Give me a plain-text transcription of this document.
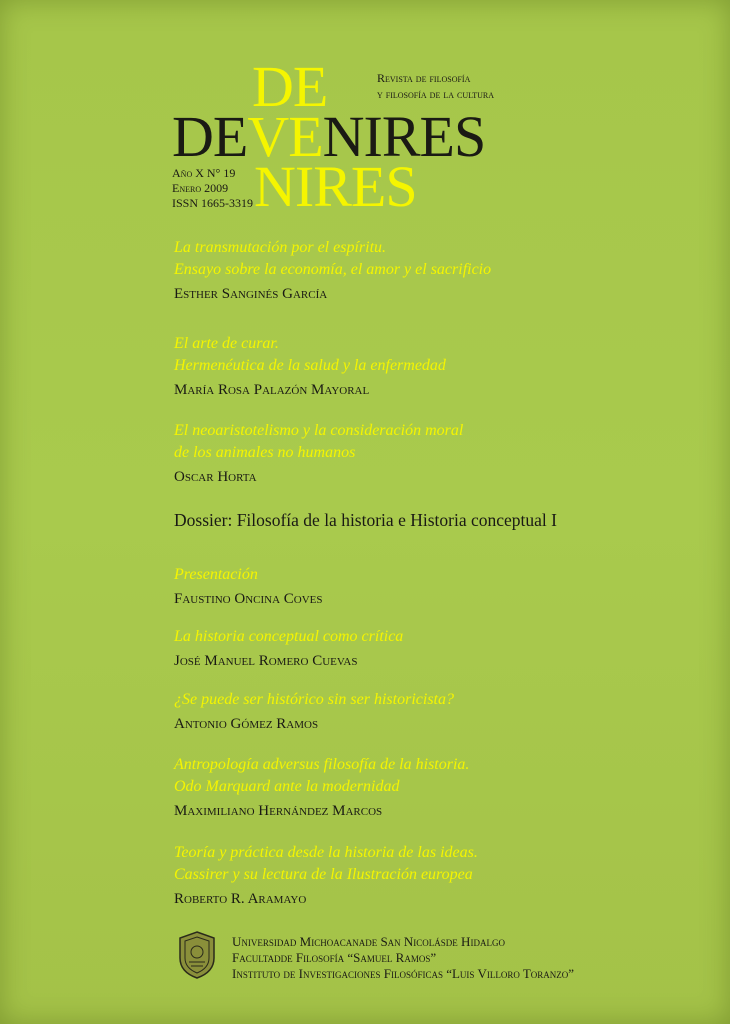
DE
DEVENIRES
NIRES
Revista de filosofía
y filosofía de la cultura
Año X N° 19
Enero 2009
ISSN 1665-3319
La transmutación por el espíritu.
Ensayo sobre la economía, el amor y el sacrificio
Esther Sanginés García
El arte de curar.
Hermenéutica de la salud y la enfermedad
María Rosa Palazón Mayoral
El neoaristotelismo y la consideración moral
de los animales no humanos
Oscar Horta
Dossier: Filosofía de la historia e Historia conceptual I
Presentación
Faustino Oncina Coves
La historia conceptual como crítica
José Manuel Romero Cuevas
¿Se puede ser histórico sin ser historicista?
Antonio Gómez Ramos
Antropología adversus filosofía de la historia.
Odo Marquard ante la modernidad
Maximiliano Hernández Marcos
Teoría y práctica desde la historia de las ideas.
Cassirer y su lectura de la Ilustración europea
Roberto R. Aramayo
Universidad Michoacanade San Nicolásde Hidalgo
Facultadde Filosofía “Samuel Ramos”
Instituto de Investigaciones Filosóficas “Luis Villoro Toranzo”
